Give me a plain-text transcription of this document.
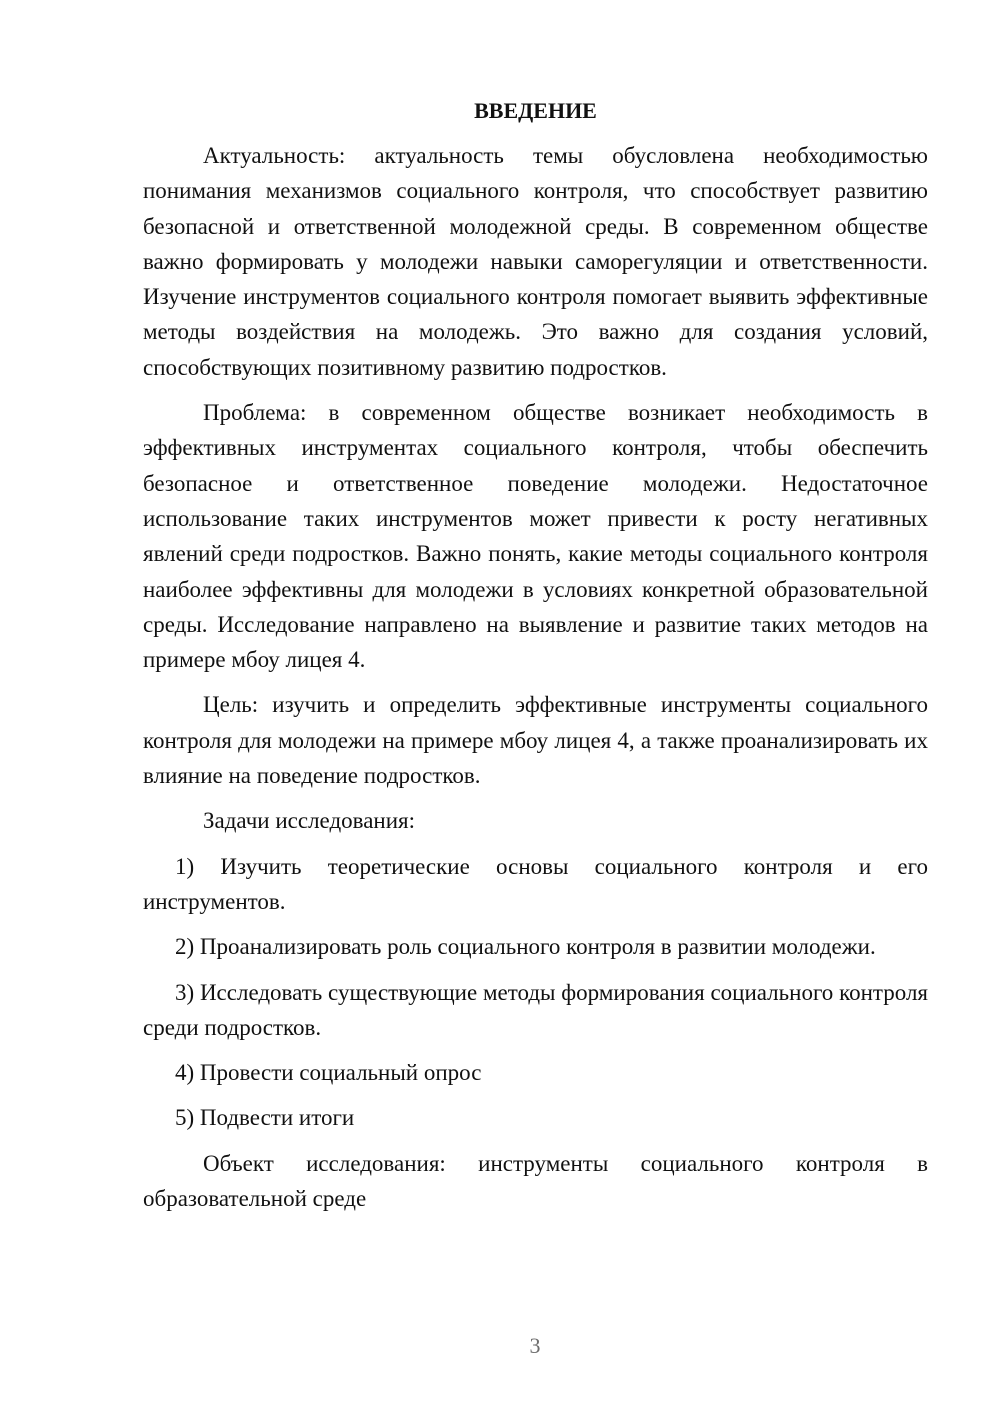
ВВЕДЕНИЕ

Актуальность: актуальность темы обусловлена необходимостью понимания механизмов социального контроля, что способствует развитию безопасной и ответственной молодежной среды. В современном обществе важно формировать у молодежи навыки саморегуляции и ответственности. Изучение инструментов социального контроля помогает выявить эффективные методы воздействия на молодежь. Это важно для создания условий, способствующих позитивному развитию подростков.

Проблема: в современном обществе возникает необходимость в эффективных инструментах социального контроля, чтобы обеспечить безопасное и ответственное поведение молодежи. Недостаточное использование таких инструментов может привести к росту негативных явлений среди подростков. Важно понять, какие методы социального контроля наиболее эффективны для молодежи в условиях конкретной образовательной среды. Исследование направлено на выявление и развитие таких методов на примере мбоу лицея 4.

Цель: изучить и определить эффективные инструменты социального контроля для молодежи на примере мбоу лицея 4, а также проанализировать их влияние на поведение подростков.

Задачи исследования:

1) Изучить теоретические основы социального контроля и его инструментов.

2) Проанализировать роль социального контроля в развитии молодежи.

3) Исследовать существующие методы формирования социального контроля среди подростков.

4) Провести социальный опрос

5) Подвести итоги

Объект исследования: инструменты социального контроля в образовательной среде

3
